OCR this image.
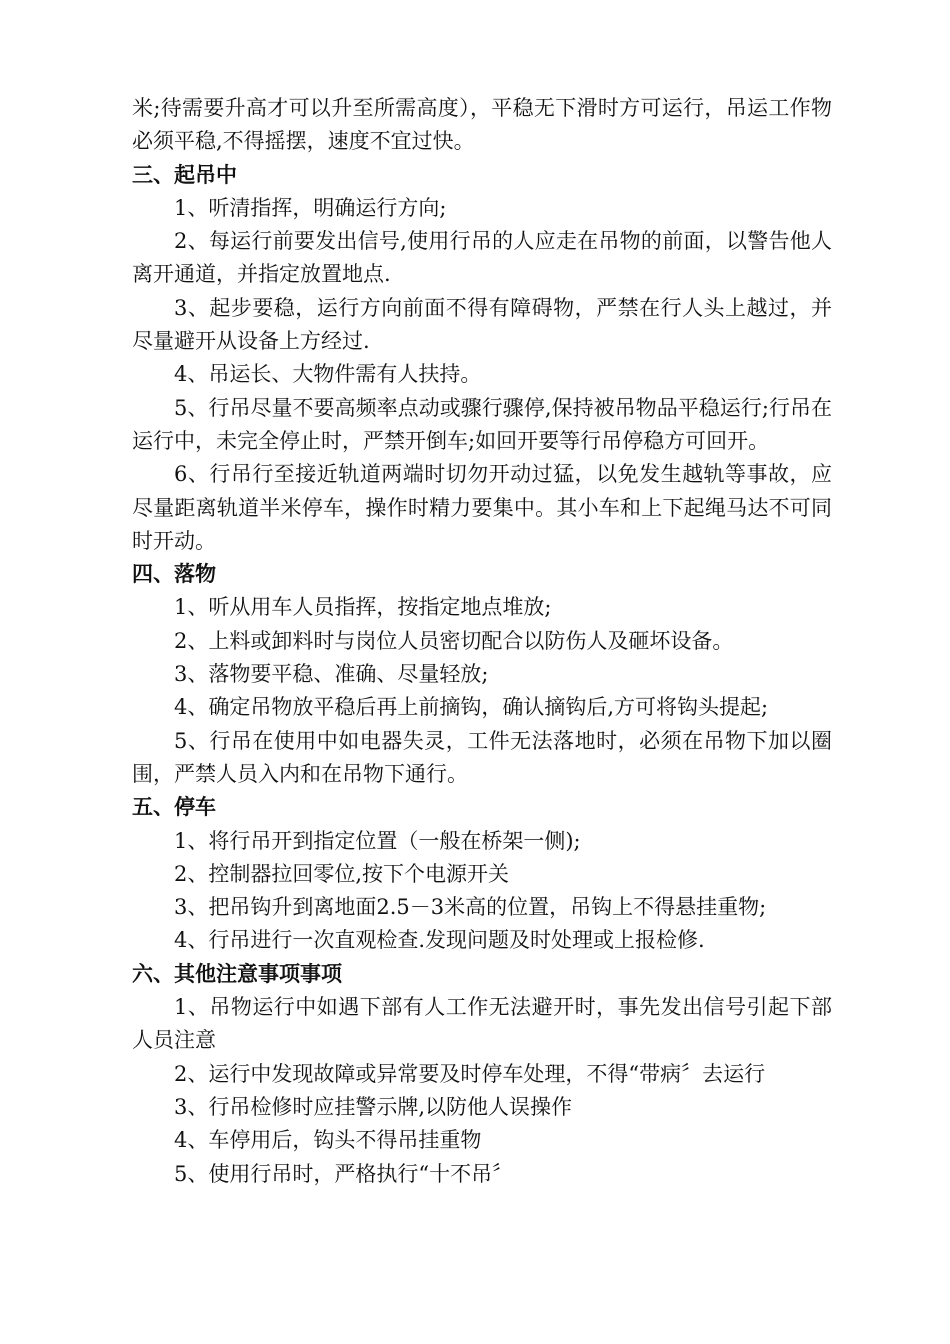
米;待需要升高才可以升至所需高度），平稳无下滑时方可运行，吊运工作物必须平稳,不得摇摆，速度不宜过快。

三、起吊中

1、听清指挥，明确运行方向;

2、每运行前要发出信号,使用行吊的人应走在吊物的前面，以警告他人离开通道，并指定放置地点.

3、起步要稳，运行方向前面不得有障碍物，严禁在行人头上越过，并尽量避开从设备上方经过.

4、吊运长、大物件需有人扶持。

5、行吊尽量不要高频率点动或骤行骤停,保持被吊物品平稳运行;行吊在运行中，未完全停止时，严禁开倒车;如回开要等行吊停稳方可回开。

6、行吊行至接近轨道两端时切勿开动过猛，以免发生越轨等事故，应尽量距离轨道半米停车，操作时精力要集中。其小车和上下起绳马达不可同时开动。

四、落物

1、听从用车人员指挥，按指定地点堆放;

2、上料或卸料时与岗位人员密切配合以防伤人及砸坏设备。

3、落物要平稳、准确、尽量轻放;

4、确定吊物放平稳后再上前摘钩，确认摘钩后,方可将钩头提起;

5、行吊在使用中如电器失灵，工件无法落地时，必须在吊物下加以圈围，严禁人员入内和在吊物下通行。

五、停车

1、将行吊开到指定位置（一般在桥架一侧);

2、控制器拉回零位,按下个电源开关

3、把吊钩升到离地面2.5－3米高的位置，吊钩上不得悬挂重物;

4、行吊进行一次直观检查.发现问题及时处理或上报检修.

六、其他注意事项事项

1、吊物运行中如遇下部有人工作无法避开时，事先发出信号引起下部人员注意

2、运行中发现故障或异常要及时停车处理，不得“带病〞去运行

3、行吊检修时应挂警示牌,以防他人误操作

4、车停用后，钩头不得吊挂重物

5、使用行吊时，严格执行“十不吊〞
